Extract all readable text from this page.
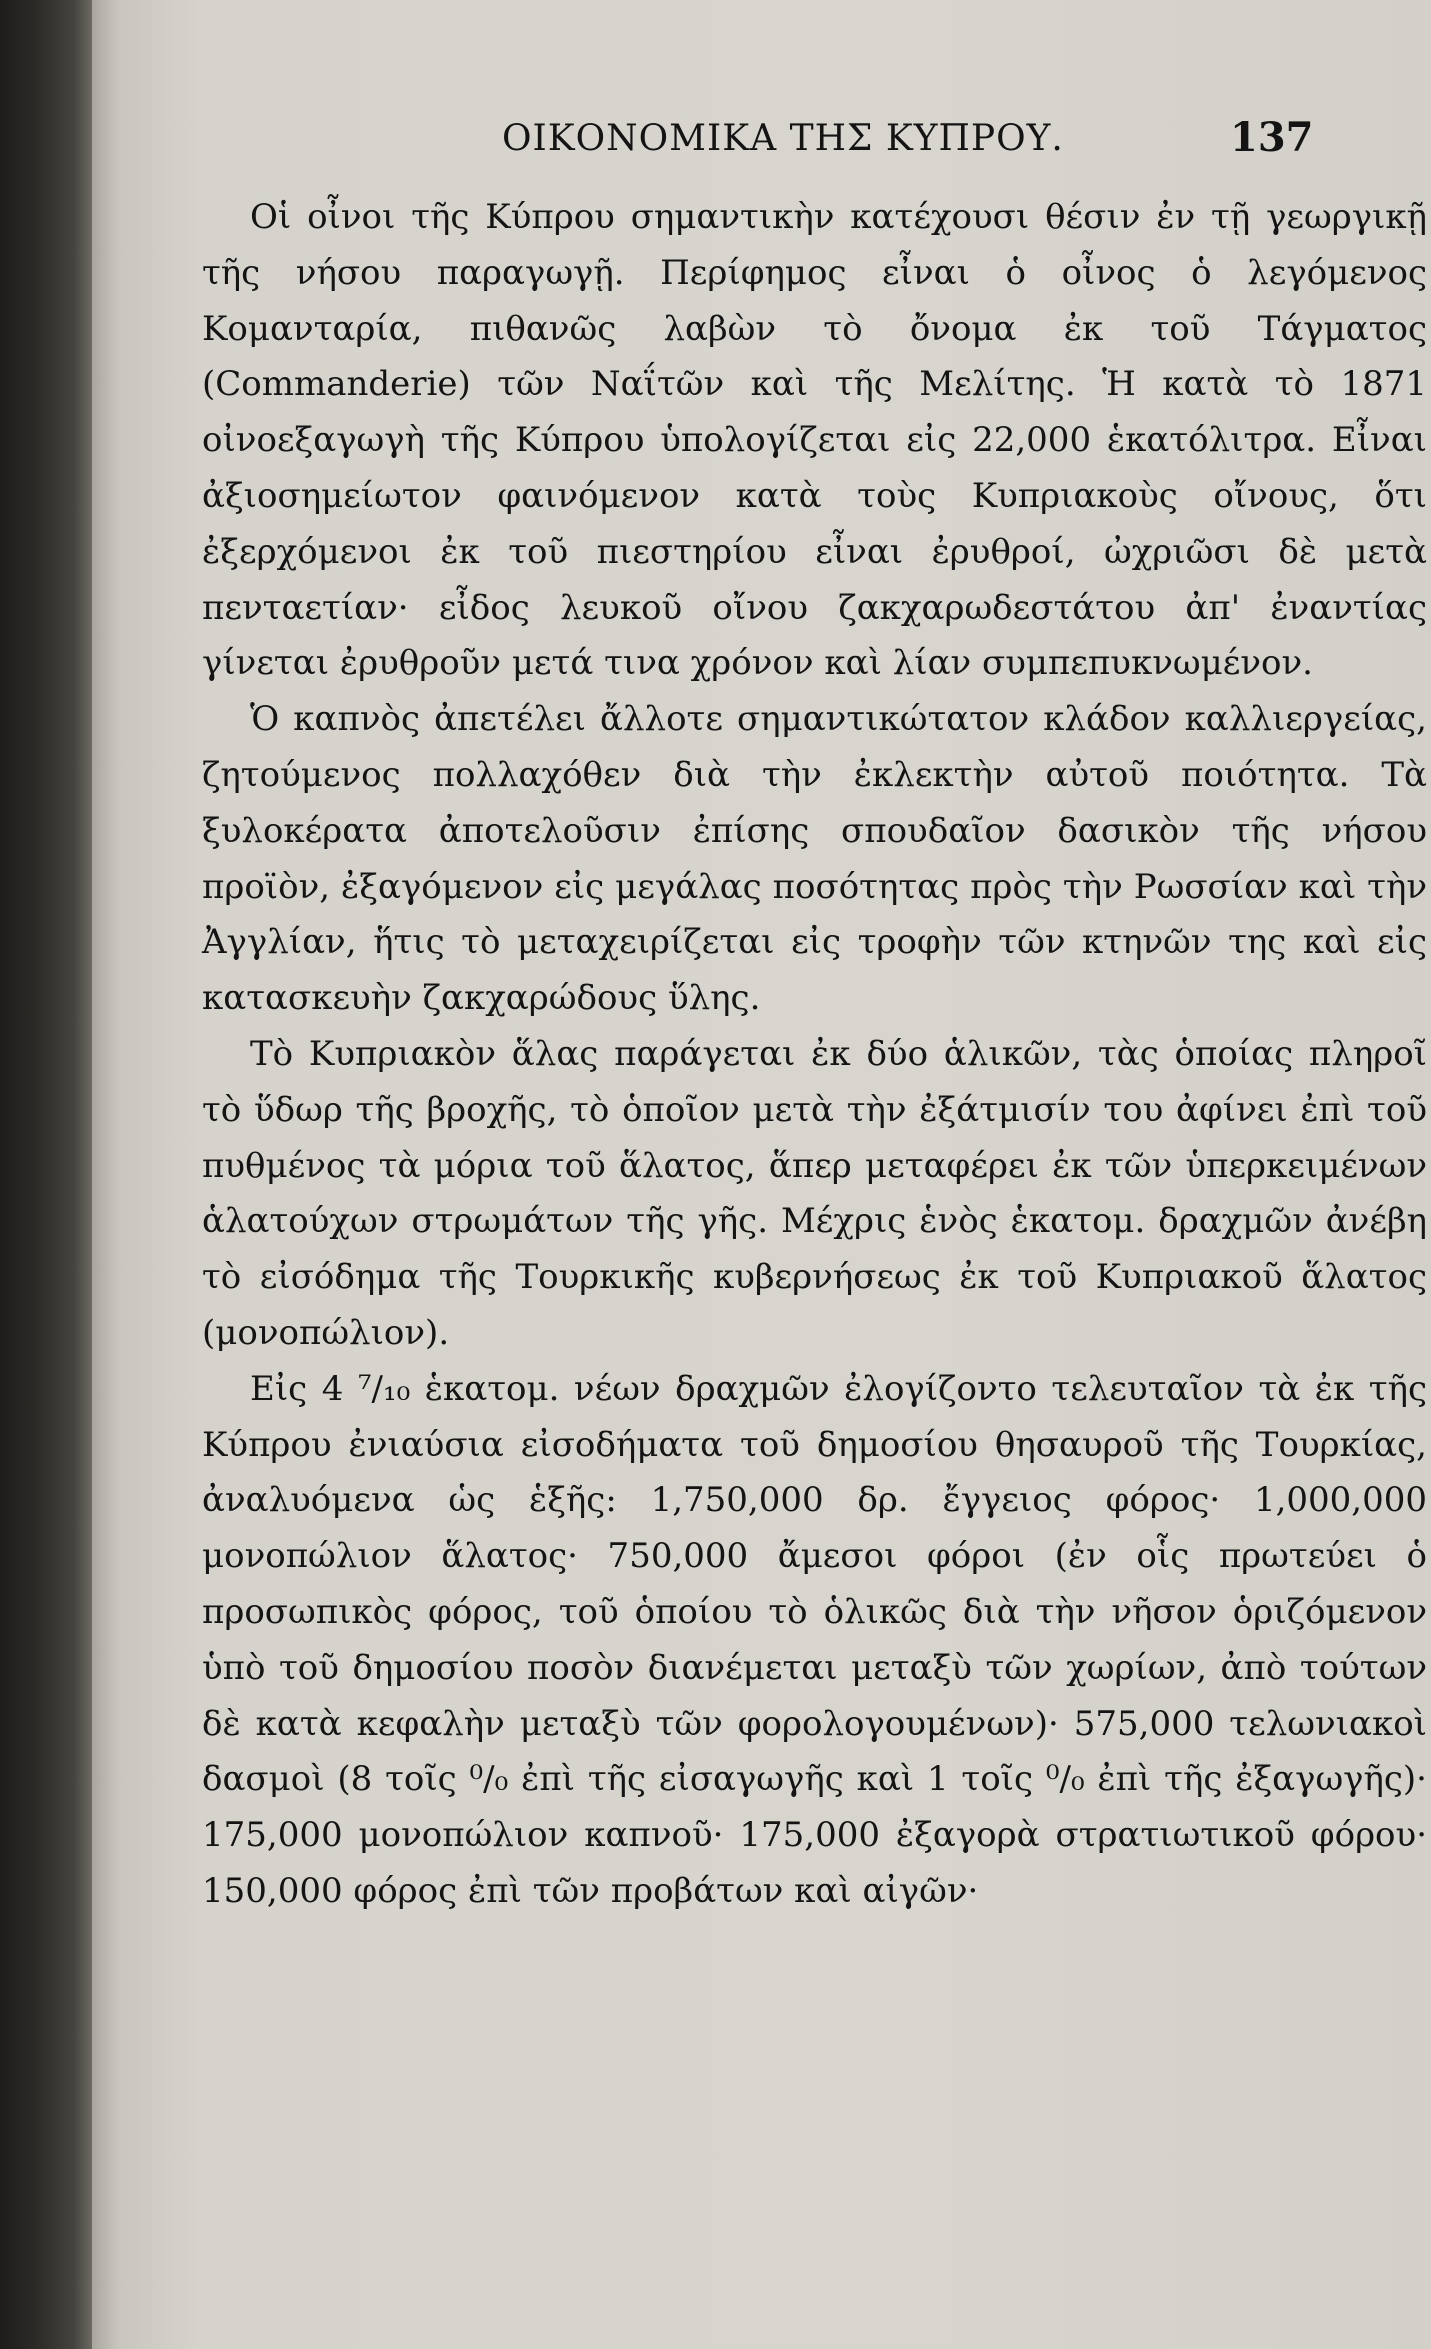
ΟΙΚΟΝΟΜΙΚΑ ΤΗΣ ΚΥΠΡΟΥ.	137

Οἱ οἶνοι τῆς Κύπρου σημαντικὴν κατέχουσι θέσιν ἐν τῇ γεωργικῇ τῆς νήσου παραγωγῇ. Περίφημος εἶναι ὁ οἶνος ὁ λεγόμενος Κομανταρία, πιθανῶς λαβὼν τὸ ὄνομα ἐκ τοῦ Τάγματος (Commanderie) τῶν Ναΐτῶν καὶ τῆς Μελίτης. Ἡ κατὰ τὸ 1871 οἰνοεξαγωγὴ τῆς Κύπρου ὑπολογίζεται εἰς 22,000 ἑκατόλιτρα. Εἶναι ἀξιοσημείωτον φαινόμενον κατὰ τοὺς Κυπριακοὺς οἴνους, ὅτι ἐξερχόμενοι ἐκ τοῦ πιεστηρίου εἶναι ἐρυθροί, ὠχριῶσι δὲ μετὰ πενταετίαν· εἶδος λευκοῦ οἴνου ζακχαρωδεστάτου ἀπ' ἐναντίας γίνεται ἐρυθροῦν μετά τινα χρόνον καὶ λίαν συμπεπυκνωμένον.

Ὁ καπνὸς ἀπετέλει ἄλλοτε σημαντικώτατον κλάδον καλλιεργείας, ζητούμενος πολλαχόθεν διὰ τὴν ἐκλεκτὴν αὐτοῦ ποιότητα. Τὰ ξυλοκέρατα ἀποτελοῦσιν ἐπίσης σπουδαῖον δασικὸν τῆς νήσου προϊὸν, ἐξαγόμενον εἰς μεγάλας ποσότητας πρὸς τὴν Ρωσσίαν καὶ τὴν Ἀγγλίαν, ἥτις τὸ μεταχειρίζεται εἰς τροφὴν τῶν κτηνῶν της καὶ εἰς κατασκευὴν ζακχαρώδους ὕλης.

Τὸ Κυπριακὸν ἅλας παράγεται ἐκ δύο ἁλικῶν, τὰς ὁποίας πληροῖ τὸ ὕδωρ τῆς βροχῆς, τὸ ὁποῖον μετὰ τὴν ἐξάτμισίν του ἀφίνει ἐπὶ τοῦ πυθμένος τὰ μόρια τοῦ ἅλατος, ἅπερ μεταφέρει ἐκ τῶν ὑπερκειμένων ἁλατούχων στρωμάτων τῆς γῆς. Μέχρις ἑνὸς ἑκατομ. δραχμῶν ἀνέβη τὸ εἰσόδημα τῆς Τουρκικῆς κυβερνήσεως ἐκ τοῦ Κυπριακοῦ ἅλατος (μονοπώλιον).

Εἰς 4 ⁷/₁₀ ἑκατομ. νέων δραχμῶν ἐλογίζοντο τελευταῖον τὰ ἐκ τῆς Κύπρου ἐνιαύσια εἰσοδήματα τοῦ δημοσίου θησαυροῦ τῆς Τουρκίας, ἀναλυόμενα ὡς ἑξῆς: 1,750,000 δρ. ἔγγειος φόρος· 1,000,000 μονοπώλιον ἅλατος· 750,000 ἄμεσοι φόροι (ἐν οἷς πρωτεύει ὁ προσωπικὸς φόρος, τοῦ ὁποίου τὸ ὁλικῶς διὰ τὴν νῆσον ὁριζόμενον ὑπὸ τοῦ δημοσίου ποσὸν διανέμεται μεταξὺ τῶν χωρίων, ἀπὸ τούτων δὲ κατὰ κεφαλὴν μεταξὺ τῶν φορολογουμένων)· 575,000 τελωνιακοὶ δασμοὶ (8 τοῖς ⁰/₀ ἐπὶ τῆς εἰσαγωγῆς καὶ 1 τοῖς ⁰/₀ ἐπὶ τῆς ἐξαγωγῆς)· 175,000 μονοπώλιον καπνοῦ· 175,000 ἐξαγορὰ στρατιωτικοῦ φόρου· 150,000 φόρος ἐπὶ τῶν προβάτων καὶ αἰγῶν·
